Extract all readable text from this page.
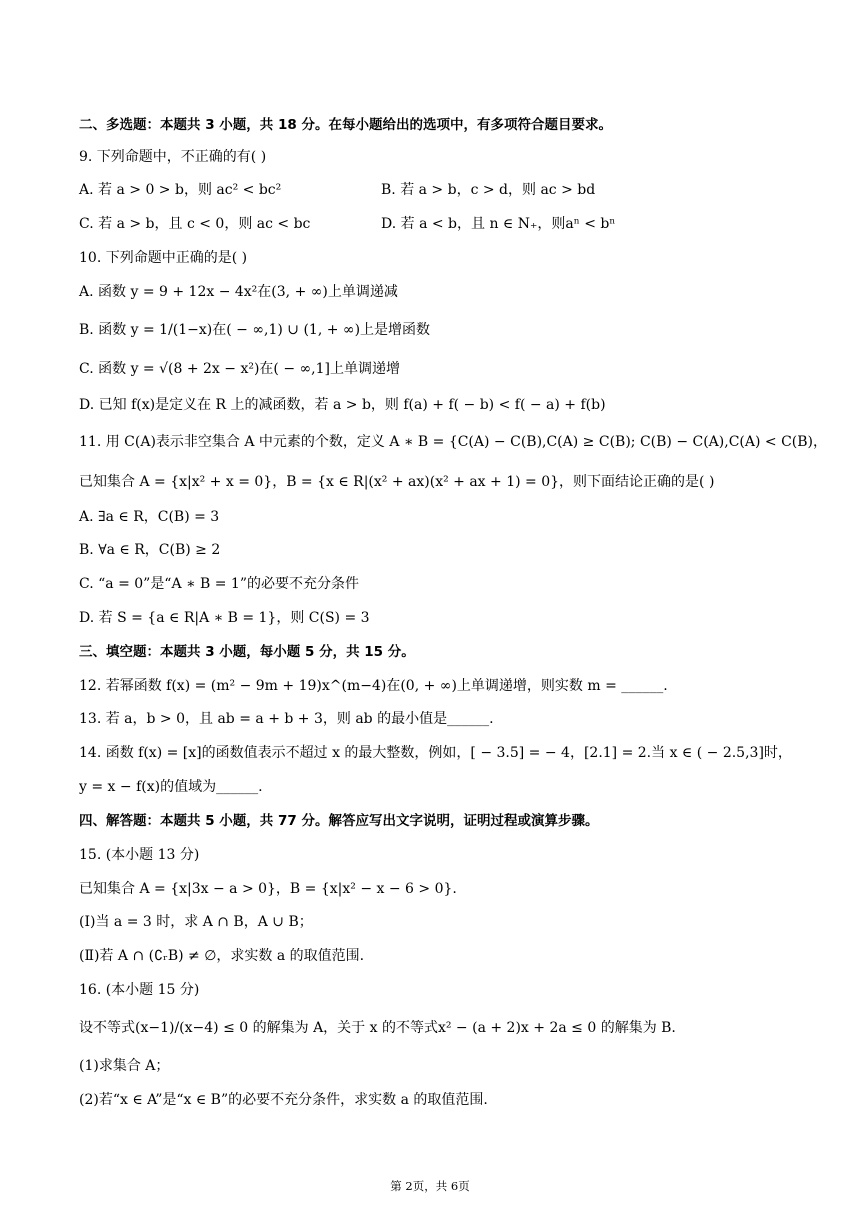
二、多选题：本题共 3 小题，共 18 分。在每小题给出的选项中，有多项符合题目要求。
9. 下列命题中，不正确的有( )
A. 若 a > 0 > b，则 ac² < bc²	B. 若 a > b，c > d，则 ac > bd
C. 若 a > b，且 c < 0，则 ac < bc	D. 若 a < b，且 n ∈ N₊，则aⁿ < bⁿ
10. 下列命题中正确的是( )
A. 函数 y = 9 + 12x − 4x²在(3, + ∞)上单调递减
B. 函数 y = 1/(1−x)在( − ∞,1) ∪ (1, + ∞)上是增函数
C. 函数 y = √(8 + 2x − x²)在( − ∞,1]上单调递增
D. 已知 f(x)是定义在 R 上的减函数，若 a > b，则 f(a) + f( − b) < f( − a) + f(b)
11. 用 C(A)表示非空集合 A 中元素的个数，定义 A ∗ B = {C(A) − C(B),C(A) ≥ C(B); C(B) − C(A),C(A) < C(B)，
已知集合 A = {x|x² + x = 0}，B = {x ∈ R|(x² + ax)(x² + ax + 1) = 0}，则下面结论正确的是( )
A. ∃a ∈ R，C(B) = 3
B. ∀a ∈ R，C(B) ≥ 2
C. “a = 0”是“A ∗ B = 1”的必要不充分条件
D. 若 S = {a ∈ R|A ∗ B = 1}，则 C(S) = 3
三、填空题：本题共 3 小题，每小题 5 分，共 15 分。
12. 若幂函数 f(x) = (m² − 9m + 19)x^(m−4)在(0, + ∞)上单调递增，则实数 m = ______.
13. 若 a，b > 0，且 ab = a + b + 3，则 ab 的最小值是______.
14. 函数 f(x) = [x]的函数值表示不超过 x 的最大整数，例如，[ − 3.5] = − 4，[2.1] = 2.当 x ∈ ( − 2.5,3]时，
y = x − f(x)的值域为______.
四、解答题：本题共 5 小题，共 77 分。解答应写出文字说明，证明过程或演算步骤。
15. (本小题 13 分)
已知集合 A = {x|3x − a > 0}，B = {x|x² − x − 6 > 0}.
(Ⅰ)当 a = 3 时，求 A ∩ B，A ∪ B；
(Ⅱ)若 A ∩ (∁ᵣB) ≠ ∅，求实数 a 的取值范围.
16. (本小题 15 分)
设不等式(x−1)/(x−4) ≤ 0 的解集为 A，关于 x 的不等式x² − (a + 2)x + 2a ≤ 0 的解集为 B.
(1)求集合 A；
(2)若“x ∈ A”是“x ∈ B”的必要不充分条件，求实数 a 的取值范围.
第 2页，共 6页
